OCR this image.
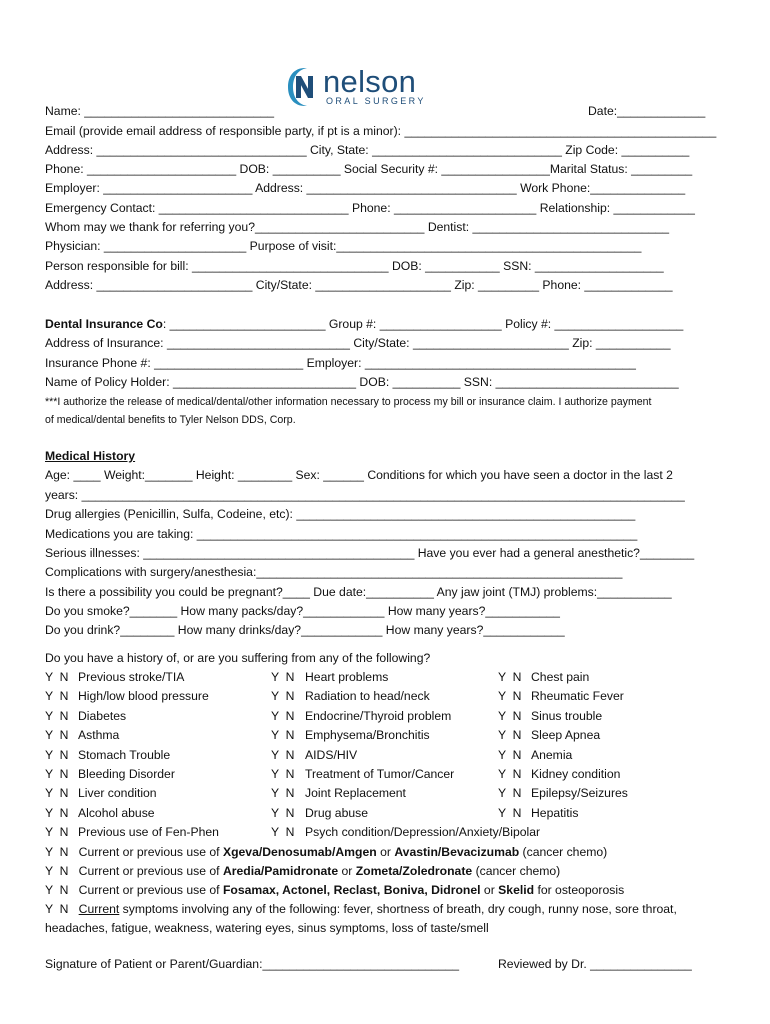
nelson
ORAL SURGERY
Name: ____________________________	Date:_____________
Email (provide email address of responsible party, if pt is a minor): ______________________________________________
Address: _______________________________ City, State: ____________________________ Zip Code: __________
Phone: ______________________ DOB: __________ Social Security #: ________________Marital Status: _________
Employer: ______________________ Address: _______________________________ Work Phone:______________
Emergency Contact: ____________________________ Phone: _____________________ Relationship: ____________
Whom may we thank for referring you?_________________________ Dentist: _____________________________
Physician: _____________________ Purpose of visit:_____________________________________________
Person responsible for bill: _____________________________ DOB: ___________ SSN: ___________________
Address: _______________________ City/State: ____________________ Zip: _________ Phone: _____________
Dental Insurance Co: _______________________ Group #: __________________ Policy #: ___________________
Address of Insurance: ___________________________ City/State: _______________________ Zip: ___________
Insurance Phone #: ______________________ Employer: ________________________________________
Name of Policy Holder: ___________________________ DOB: __________ SSN: ___________________________
***I authorize the release of medical/dental/other information necessary to process my bill or insurance claim. I authorize payment
of medical/dental benefits to Tyler Nelson DDS, Corp.
Medical History
Age: ____ Weight:_______ Height: ________ Sex: ______ Conditions for which you have seen a doctor in the last 2
years: _________________________________________________________________________________________
Drug allergies (Penicillin, Sulfa, Codeine, etc): __________________________________________________
Medications you are taking: _________________________________________________________________
Serious illnesses: ________________________________________ Have you ever had a general anesthetic?________
Complications with surgery/anesthesia:______________________________________________________
Is there a possibility you could be pregnant?____ Due date:__________ Any jaw joint (TMJ) problems:___________
Do you smoke?_______ How many packs/day?____________ How many years?___________
Do you drink?________ How many drinks/day?____________ How many years?____________
Do you have a history of, or are you suffering from any of the following?
Y  N Previous stroke/TIA
Y  N High/low blood pressure
Y  N Diabetes
Y  N Asthma
Y  N Stomach Trouble
Y  N Bleeding Disorder
Y  N Liver condition
Y  N Alcohol abuse
Y  N Previous use of Fen-Phen
Y  N Heart problems
Y  N Radiation to head/neck
Y  N Endocrine/Thyroid problem
Y  N Emphysema/Bronchitis
Y  N AIDS/HIV
Y  N Treatment of Tumor/Cancer
Y  N Joint Replacement
Y  N Drug abuse
Y  N Psych condition/Depression/Anxiety/Bipolar
Y  N Chest pain
Y  N Rheumatic Fever
Y  N Sinus trouble
Y  N Sleep Apnea
Y  N Anemia
Y  N Kidney condition
Y  N Epilepsy/Seizures
Y  N Hepatitis
Y  N Current or previous use of Xgeva/Denosumab/Amgen or Avastin/Bevacizumab (cancer chemo)
Y  N Current or previous use of Aredia/Pamidronate or Zometa/Zoledronate (cancer chemo)
Y  N Current or previous use of Fosamax, Actonel, Reclast, Boniva, Didronel or Skelid for osteoporosis
Y  N Current symptoms involving any of the following: fever, shortness of breath, dry cough, runny nose, sore throat,
headaches, fatigue, weakness, watering eyes, sinus symptoms, loss of taste/smell
Signature of Patient or Parent/Guardian:_____________________________	Reviewed by Dr. _______________
